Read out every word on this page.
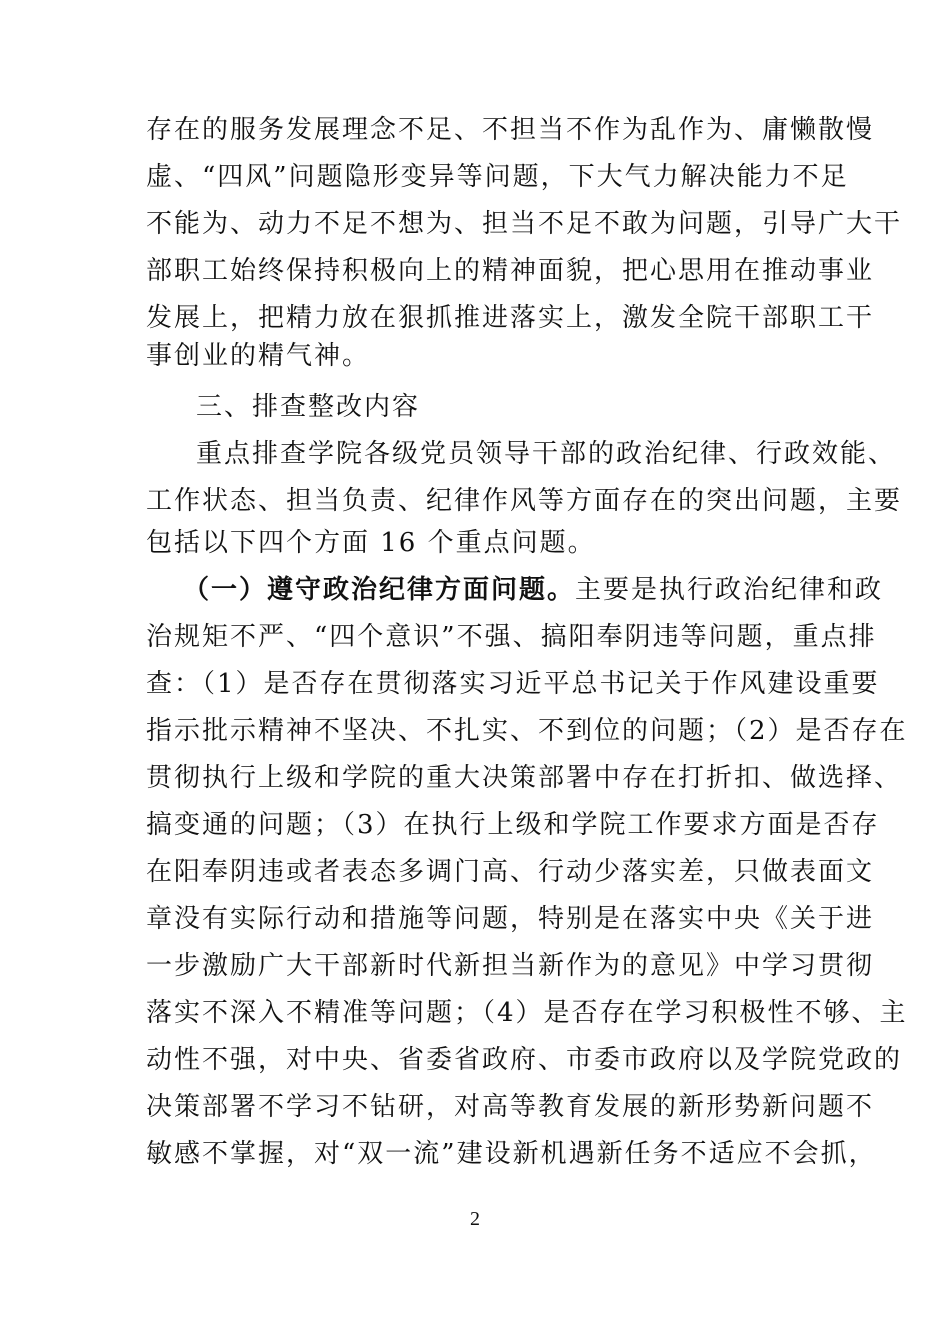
存在的服务发展理念不足、不担当不作为乱作为、庸懒散慢

虚、“四风”问题隐形变异等问题，下大气力解决能力不足

不能为、动力不足不想为、担当不足不敢为问题，引导广大干

部职工始终保持积极向上的精神面貌，把心思用在推动事业

发展上，把精力放在狠抓推进落实上，激发全院干部职工干

事创业的精气神。

三、排查整改内容

重点排查学院各级党员领导干部的政治纪律、行政效能、

工作状态、担当负责、纪律作风等方面存在的突出问题，主要

包括以下四个方面 16 个重点问题。

（一）遵守政治纪律方面问题。主要是执行政治纪律和政

治规矩不严、“四个意识”不强、搞阳奉阴违等问题，重点排

查：（1）是否存在贯彻落实习近平总书记关于作风建设重要

指示批示精神不坚决、不扎实、不到位的问题；（2）是否存在

贯彻执行上级和学院的重大决策部署中存在打折扣、做选择、

搞变通的问题；（3）在执行上级和学院工作要求方面是否存

在阳奉阴违或者表态多调门高、行动少落实差，只做表面文

章没有实际行动和措施等问题，特别是在落实中央《关于进

一步激励广大干部新时代新担当新作为的意见》中学习贯彻

落实不深入不精准等问题；（4）是否存在学习积极性不够、主

动性不强，对中央、省委省政府、市委市政府以及学院党政的

决策部署不学习不钻研，对高等教育发展的新形势新问题不

敏感不掌握，对“双一流”建设新机遇新任务不适应不会抓，

2
